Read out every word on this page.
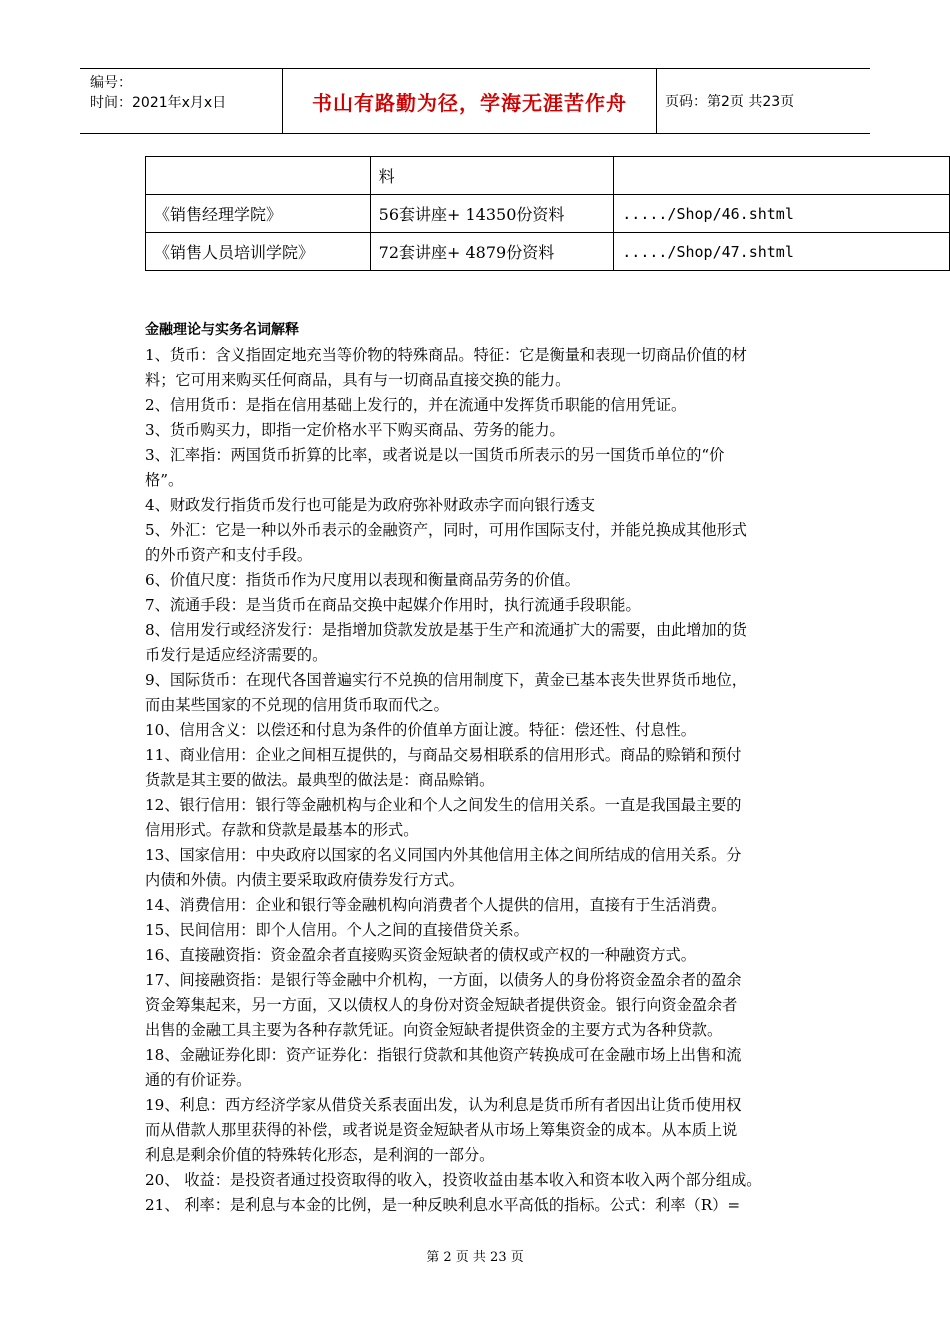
编号：
时间：2021年x月x日	书山有路勤为径，学海无涯苦作舟	页码：第2页 共23页
	料	
《销售经理学院》	56套讲座+ 14350份资料	...../Shop/46.shtml
《销售人员培训学院》	72套讲座+ 4879份资料	...../Shop/47.shtml

金融理论与实务名词解释

1、货币：含义指固定地充当等价物的特殊商品。特征：它是衡量和表现一切商品价值的材

料；它可用来购买任何商品，具有与一切商品直接交换的能力。

2、信用货币：是指在信用基础上发行的，并在流通中发挥货币职能的信用凭证。

3、货币购买力，即指一定价格水平下购买商品、劳务的能力。

3、汇率指：两国货币折算的比率，或者说是以一国货币所表示的另一国货币单位的“价

格”。

4、财政发行指货币发行也可能是为政府弥补财政赤字而向银行透支

5、外汇：它是一种以外币表示的金融资产，同时，可用作国际支付，并能兑换成其他形式

的外币资产和支付手段。

6、价值尺度：指货币作为尺度用以表现和衡量商品劳务的价值。

7、流通手段：是当货币在商品交换中起媒介作用时，执行流通手段职能。

8、信用发行或经济发行：是指增加贷款发放是基于生产和流通扩大的需要，由此增加的货

币发行是适应经济需要的。

9、国际货币：在现代各国普遍实行不兑换的信用制度下，黄金已基本丧失世界货币地位，

而由某些国家的不兑现的信用货币取而代之。

10、信用含义：以偿还和付息为条件的价值单方面让渡。特征：偿还性、付息性。

11、商业信用：企业之间相互提供的，与商品交易相联系的信用形式。商品的赊销和预付

货款是其主要的做法。最典型的做法是：商品赊销。

12、银行信用：银行等金融机构与企业和个人之间发生的信用关系。一直是我国最主要的

信用形式。存款和贷款是最基本的形式。

13、国家信用：中央政府以国家的名义同国内外其他信用主体之间所结成的信用关系。分

内债和外债。内债主要采取政府债券发行方式。

14、消费信用：企业和银行等金融机构向消费者个人提供的信用，直接有于生活消费。

15、民间信用：即个人信用。个人之间的直接借贷关系。

16、直接融资指：资金盈余者直接购买资金短缺者的债权或产权的一种融资方式。

17、间接融资指：是银行等金融中介机构，一方面，以债务人的身份将资金盈余者的盈余

资金筹集起来，另一方面，又以债权人的身份对资金短缺者提供资金。银行向资金盈余者

出售的金融工具主要为各种存款凭证。向资金短缺者提供资金的主要方式为各种贷款。

18、金融证券化即：资产证券化：指银行贷款和其他资产转换成可在金融市场上出售和流

通的有价证券。

19、利息：西方经济学家从借贷关系表面出发，认为利息是货币所有者因出让货币使用权

而从借款人那里获得的补偿，或者说是资金短缺者从市场上筹集资金的成本。从本质上说

利息是剩余价值的特殊转化形态，是利润的一部分。

20、 收益：是投资者通过投资取得的收入，投资收益由基本收入和资本收入两个部分组成。

21、 利率：是利息与本金的比例，是一种反映利息水平高低的指标。公式：利率（R）=

第 2 页 共 23 页
